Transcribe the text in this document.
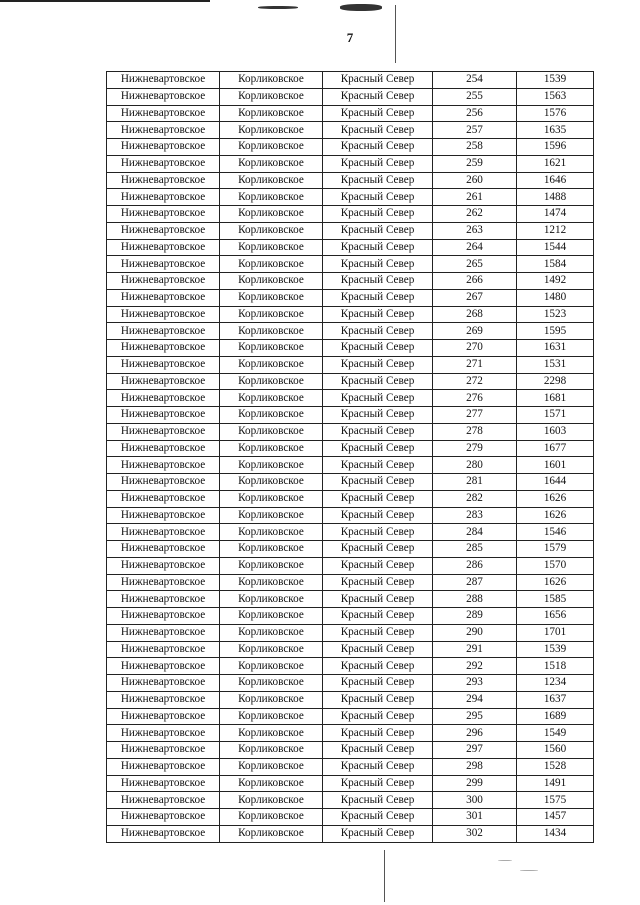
7
Нижневартовское	Корликовское	Красный Север	254	1539
Нижневартовское	Корликовское	Красный Север	255	1563
Нижневартовское	Корликовское	Красный Север	256	1576
Нижневартовское	Корликовское	Красный Север	257	1635
Нижневартовское	Корликовское	Красный Север	258	1596
Нижневартовское	Корликовское	Красный Север	259	1621
Нижневартовское	Корликовское	Красный Север	260	1646
Нижневартовское	Корликовское	Красный Север	261	1488
Нижневартовское	Корликовское	Красный Север	262	1474
Нижневартовское	Корликовское	Красный Север	263	1212
Нижневартовское	Корликовское	Красный Север	264	1544
Нижневартовское	Корликовское	Красный Север	265	1584
Нижневартовское	Корликовское	Красный Север	266	1492
Нижневартовское	Корликовское	Красный Север	267	1480
Нижневартовское	Корликовское	Красный Север	268	1523
Нижневартовское	Корликовское	Красный Север	269	1595
Нижневартовское	Корликовское	Красный Север	270	1631
Нижневартовское	Корликовское	Красный Север	271	1531
Нижневартовское	Корликовское	Красный Север	272	2298
Нижневартовское	Корликовское	Красный Север	276	1681
Нижневартовское	Корликовское	Красный Север	277	1571
Нижневартовское	Корликовское	Красный Север	278	1603
Нижневартовское	Корликовское	Красный Север	279	1677
Нижневартовское	Корликовское	Красный Север	280	1601
Нижневартовское	Корликовское	Красный Север	281	1644
Нижневартовское	Корликовское	Красный Север	282	1626
Нижневартовское	Корликовское	Красный Север	283	1626
Нижневартовское	Корликовское	Красный Север	284	1546
Нижневартовское	Корликовское	Красный Север	285	1579
Нижневартовское	Корликовское	Красный Север	286	1570
Нижневартовское	Корликовское	Красный Север	287	1626
Нижневартовское	Корликовское	Красный Север	288	1585
Нижневартовское	Корликовское	Красный Север	289	1656
Нижневартовское	Корликовское	Красный Север	290	1701
Нижневартовское	Корликовское	Красный Север	291	1539
Нижневартовское	Корликовское	Красный Север	292	1518
Нижневартовское	Корликовское	Красный Север	293	1234
Нижневартовское	Корликовское	Красный Север	294	1637
Нижневартовское	Корликовское	Красный Север	295	1689
Нижневартовское	Корликовское	Красный Север	296	1549
Нижневартовское	Корликовское	Красный Север	297	1560
Нижневартовское	Корликовское	Красный Север	298	1528
Нижневартовское	Корликовское	Красный Север	299	1491
Нижневартовское	Корликовское	Красный Север	300	1575
Нижневартовское	Корликовское	Красный Север	301	1457
Нижневартовское	Корликовское	Красный Север	302	1434
